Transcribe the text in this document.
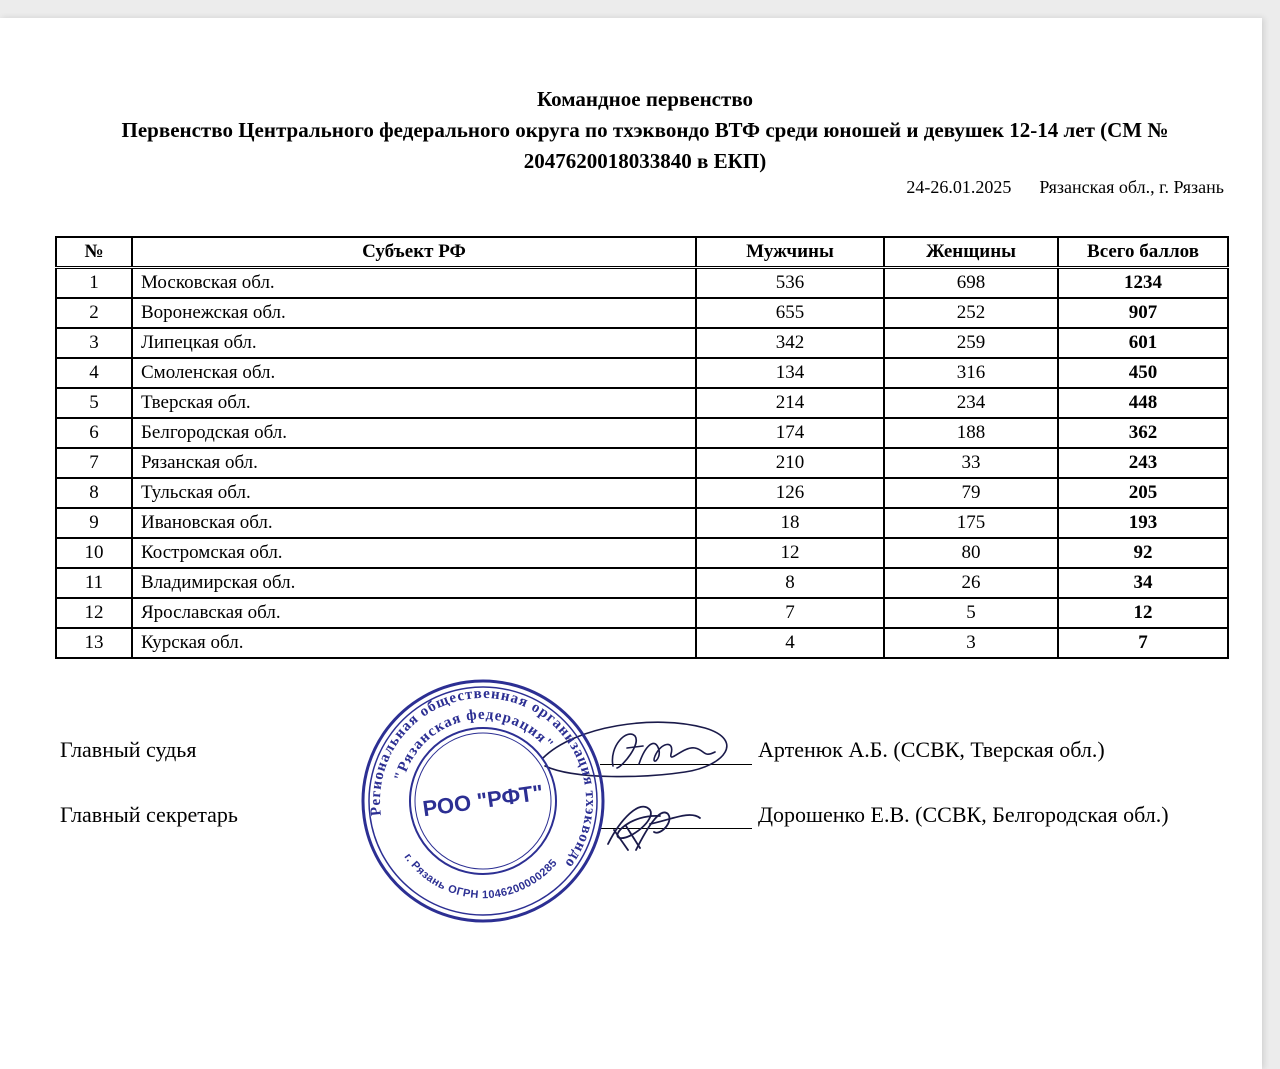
Командное первенство
Первенство Центрального федерального округа по тхэквондо ВТФ среди юношей и девушек 12-14 лет (СМ № 2047620018033840 в ЕКП)
24-26.01.2025 Рязанская обл., г. Рязань
№	Субъект РФ	Мужчины	Женщины	Всего баллов
1	Московская обл.	536	698	1234
2	Воронежская обл.	655	252	907
3	Липецкая обл.	342	259	601
4	Смоленская обл.	134	316	450
5	Тверская обл.	214	234	448
6	Белгородская обл.	174	188	362
7	Рязанская обл.	210	33	243
8	Тульская обл.	126	79	205
9	Ивановская обл.	18	175	193
10	Костромская обл.	12	80	92
11	Владимирская обл.	8	26	34
12	Ярославская обл.	7	5	12
13	Курская обл.	4	3	7
Главный судья	Артенюк А.Б. (ССВК, Тверская обл.)
Главный секретарь	Дорошенко Е.В. (ССВК, Белгородская обл.)
Региональная общественная организация тхэквондо
"Рязанская федерация"
г. Рязань ОГРН 1046200000285
РОО "РФТ"
